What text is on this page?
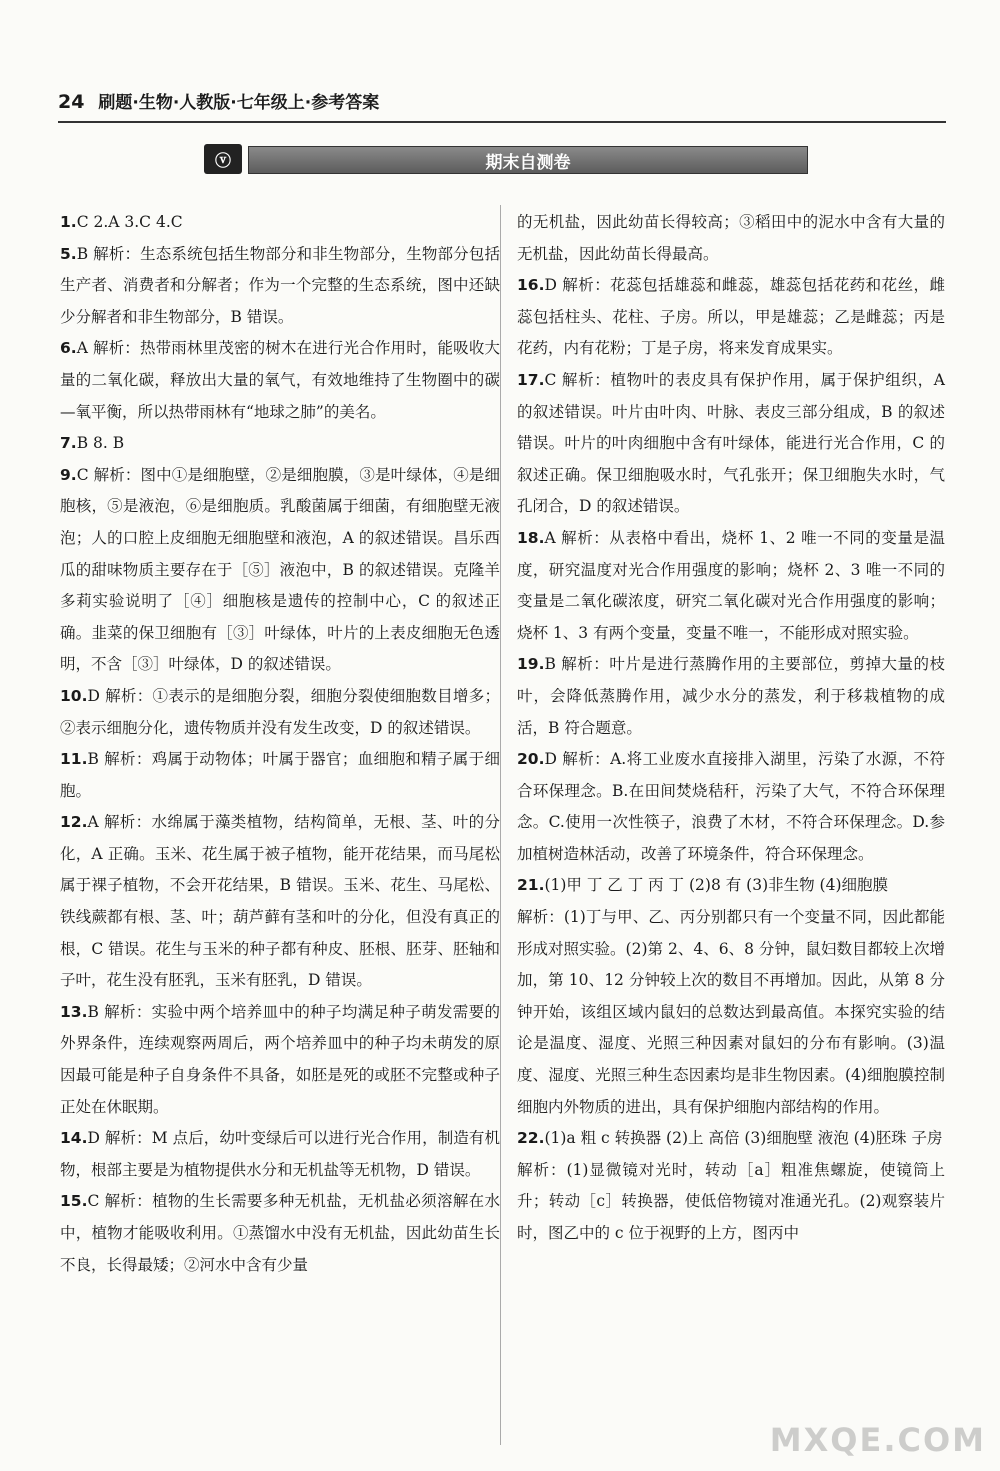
24 刷题·生物·人教版·七年级上·参考答案
ⓥ	期末自测卷

1.C 2.A 3.C 4.C

5.B 解析：生态系统包括生物部分和非生物部分，生物部分包括生产者、消费者和分解者；作为一个完整的生态系统，图中还缺少分解者和非生物部分，B 错误。

6.A 解析：热带雨林里茂密的树木在进行光合作用时，能吸收大量的二氧化碳，释放出大量的氧气，有效地维持了生物圈中的碳—氧平衡，所以热带雨林有“地球之肺”的美名。

7.B 8. B

9.C 解析：图中①是细胞壁，②是细胞膜，③是叶绿体，④是细胞核，⑤是液泡，⑥是细胞质。乳酸菌属于细菌，有细胞壁无液泡；人的口腔上皮细胞无细胞壁和液泡，A 的叙述错误。昌乐西瓜的甜味物质主要存在于［⑤］液泡中，B 的叙述错误。克隆羊多莉实验说明了［④］细胞核是遗传的控制中心，C 的叙述正确。韭菜的保卫细胞有［③］叶绿体，叶片的上表皮细胞无色透明，不含［③］叶绿体，D 的叙述错误。

10.D 解析：①表示的是细胞分裂，细胞分裂使细胞数目增多；②表示细胞分化，遗传物质并没有发生改变，D 的叙述错误。

11.B 解析：鸡属于动物体；叶属于器官；血细胞和精子属于细胞。

12.A 解析：水绵属于藻类植物，结构简单，无根、茎、叶的分化，A 正确。玉米、花生属于被子植物，能开花结果，而马尾松属于裸子植物，不会开花结果，B 错误。玉米、花生、马尾松、铁线蕨都有根、茎、叶；葫芦藓有茎和叶的分化，但没有真正的根，C 错误。花生与玉米的种子都有种皮、胚根、胚芽、胚轴和子叶，花生没有胚乳，玉米有胚乳，D 错误。

13.B 解析：实验中两个培养皿中的种子均满足种子萌发需要的外界条件，连续观察两周后，两个培养皿中的种子均未萌发的原因最可能是种子自身条件不具备，如胚是死的或胚不完整或种子正处在休眠期。

14.D 解析：M 点后，幼叶变绿后可以进行光合作用，制造有机物，根部主要是为植物提供水分和无机盐等无机物，D 错误。

15.C 解析：植物的生长需要多种无机盐，无机盐必须溶解在水中，植物才能吸收利用。①蒸馏水中没有无机盐，因此幼苗生长不良，长得最矮；②河水中含有少量

的无机盐，因此幼苗长得较高；③稻田中的泥水中含有大量的无机盐，因此幼苗长得最高。

16.D 解析：花蕊包括雄蕊和雌蕊，雄蕊包括花药和花丝，雌蕊包括柱头、花柱、子房。所以，甲是雄蕊；乙是雌蕊；丙是花药，内有花粉；丁是子房，将来发育成果实。

17.C 解析：植物叶的表皮具有保护作用，属于保护组织，A 的叙述错误。叶片由叶肉、叶脉、表皮三部分组成，B 的叙述错误。叶片的叶肉细胞中含有叶绿体，能进行光合作用，C 的叙述正确。保卫细胞吸水时，气孔张开；保卫细胞失水时，气孔闭合，D 的叙述错误。

18.A 解析：从表格中看出，烧杯 1、2 唯一不同的变量是温度，研究温度对光合作用强度的影响；烧杯 2、3 唯一不同的变量是二氧化碳浓度，研究二氧化碳对光合作用强度的影响；烧杯 1、3 有两个变量，变量不唯一，不能形成对照实验。

19.B 解析：叶片是进行蒸腾作用的主要部位，剪掉大量的枝叶，会降低蒸腾作用，减少水分的蒸发，利于移栽植物的成活，B 符合题意。

20.D 解析：A.将工业废水直接排入湖里，污染了水源，不符合环保理念。B.在田间焚烧秸秆，污染了大气，不符合环保理念。C.使用一次性筷子，浪费了木材，不符合环保理念。D.参加植树造林活动，改善了环境条件，符合环保理念。

21.(1)甲 丁 乙 丁 丙 丁 (2)8 有 (3)非生物 (4)细胞膜

解析：(1)丁与甲、乙、丙分别都只有一个变量不同，因此都能形成对照实验。(2)第 2、4、6、8 分钟，鼠妇数目都较上次增加，第 10、12 分钟较上次的数目不再增加。因此，从第 8 分钟开始，该组区域内鼠妇的总数达到最高值。本探究实验的结论是温度、湿度、光照三种因素对鼠妇的分布有影响。(3)温度、湿度、光照三种生态因素均是非生物因素。(4)细胞膜控制细胞内外物质的进出，具有保护细胞内部结构的作用。

22.(1)a 粗 c 转换器 (2)上 高倍 (3)细胞壁 液泡 (4)胚珠 子房

解析：(1)显微镜对光时，转动［a］粗准焦螺旋，使镜筒上升；转动［c］转换器，使低倍物镜对准通光孔。(2)观察装片时，图乙中的 c 位于视野的上方，图丙中

MXQE.COM
